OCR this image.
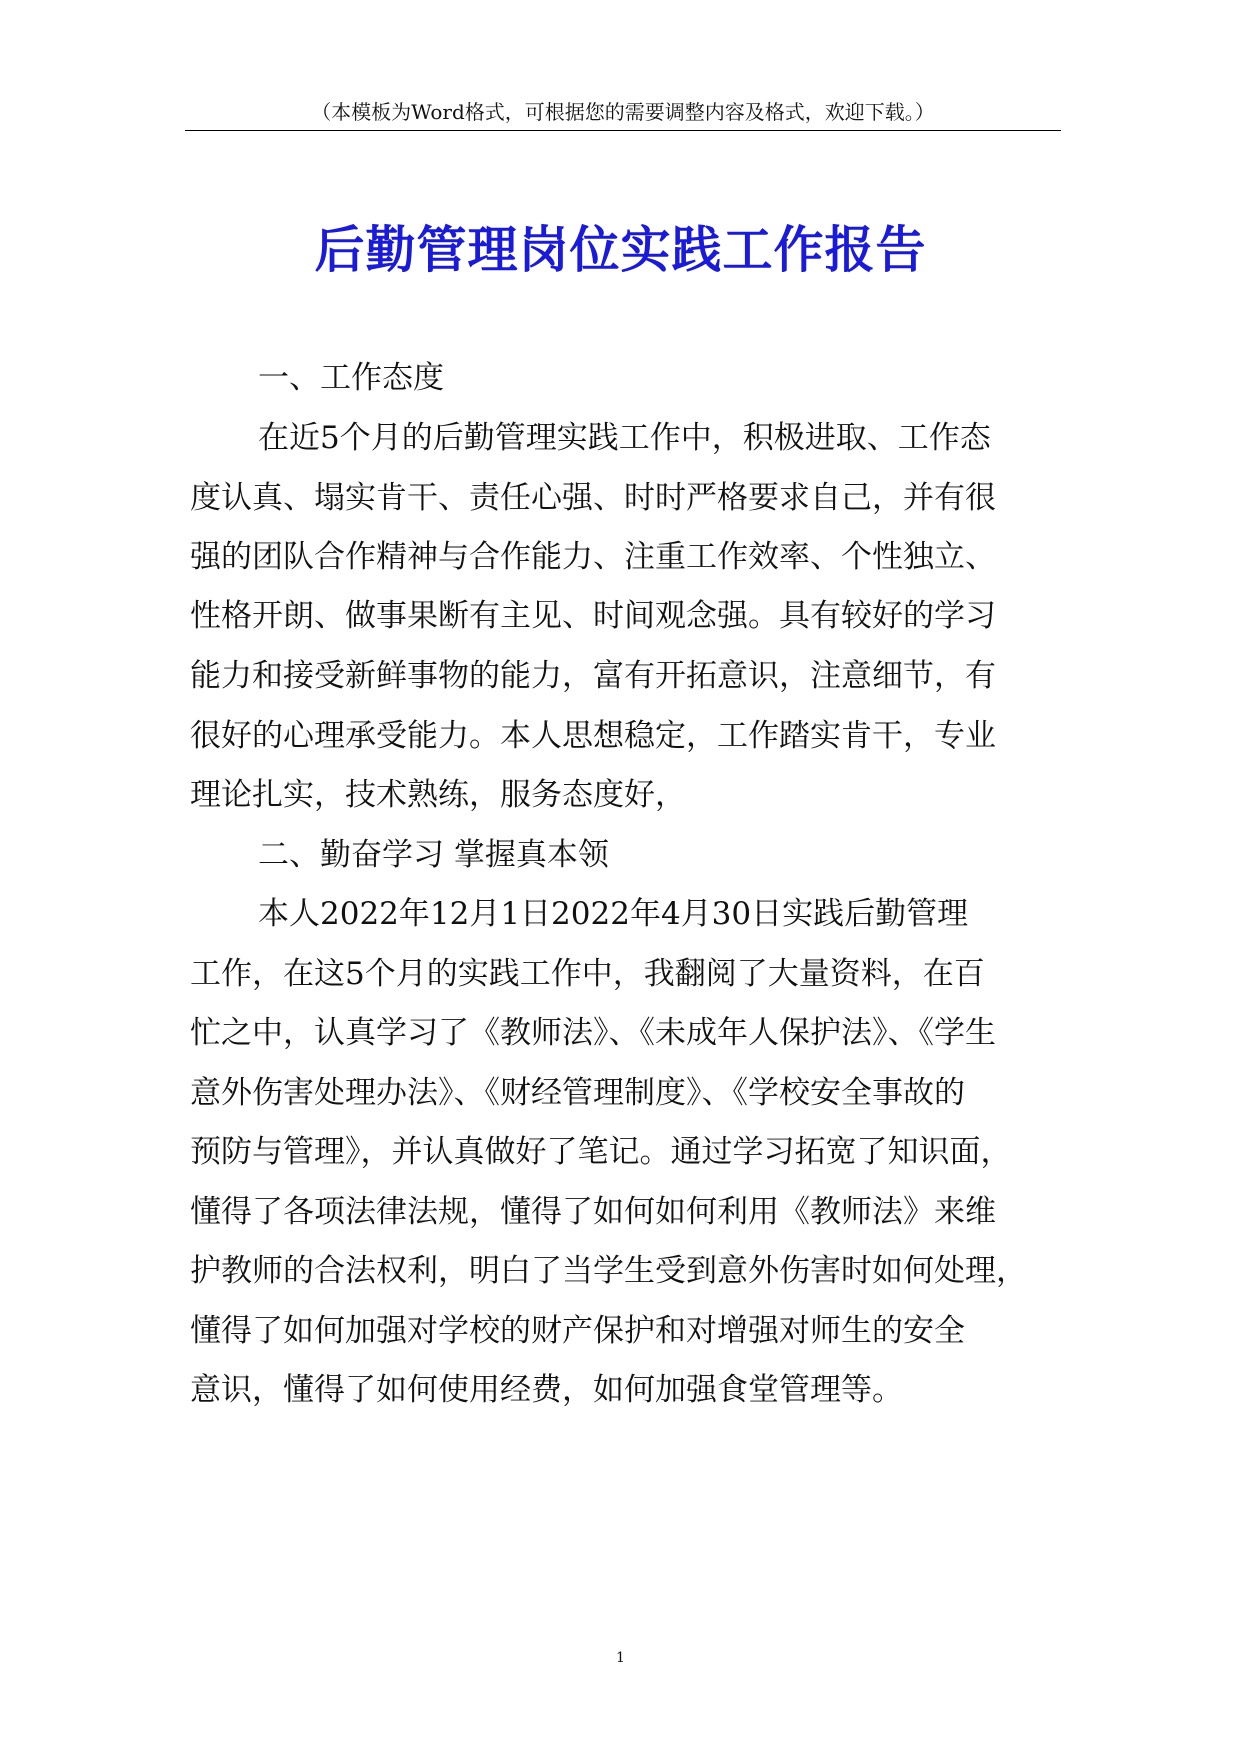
（本模板为Word格式，可根据您的需要调整内容及格式，欢迎下载。）
后勤管理岗位实践工作报告
一、工作态度
在近5个月的后勤管理实践工作中，积极进取、工作态
度认真、塌实肯干、责任心强、时时严格要求自己，并有很
强的团队合作精神与合作能力、注重工作效率、个性独立、
性格开朗、做事果断有主见、时间观念强。具有较好的学习
能力和接受新鲜事物的能力，富有开拓意识，注意细节，有
很好的心理承受能力。本人思想稳定，工作踏实肯干，专业
理论扎实，技术熟练，服务态度好，
二、勤奋学习 掌握真本领
本人2022年12月1日2022年4月30日实践后勤管理
工作，在这5个月的实践工作中，我翻阅了大量资料，在百
忙之中，认真学习了《教师法》、《未成年人保护法》、《学生
意外伤害处理办法》、《财经管理制度》、《学校安全事故的
预防与管理》，并认真做好了笔记。通过学习拓宽了知识面，
懂得了各项法律法规，懂得了如何如何利用《教师法》来维
护教师的合法权利，明白了当学生受到意外伤害时如何处理，
懂得了如何加强对学校的财产保护和对增强对师生的安全
意识，懂得了如何使用经费，如何加强食堂管理等。
1
